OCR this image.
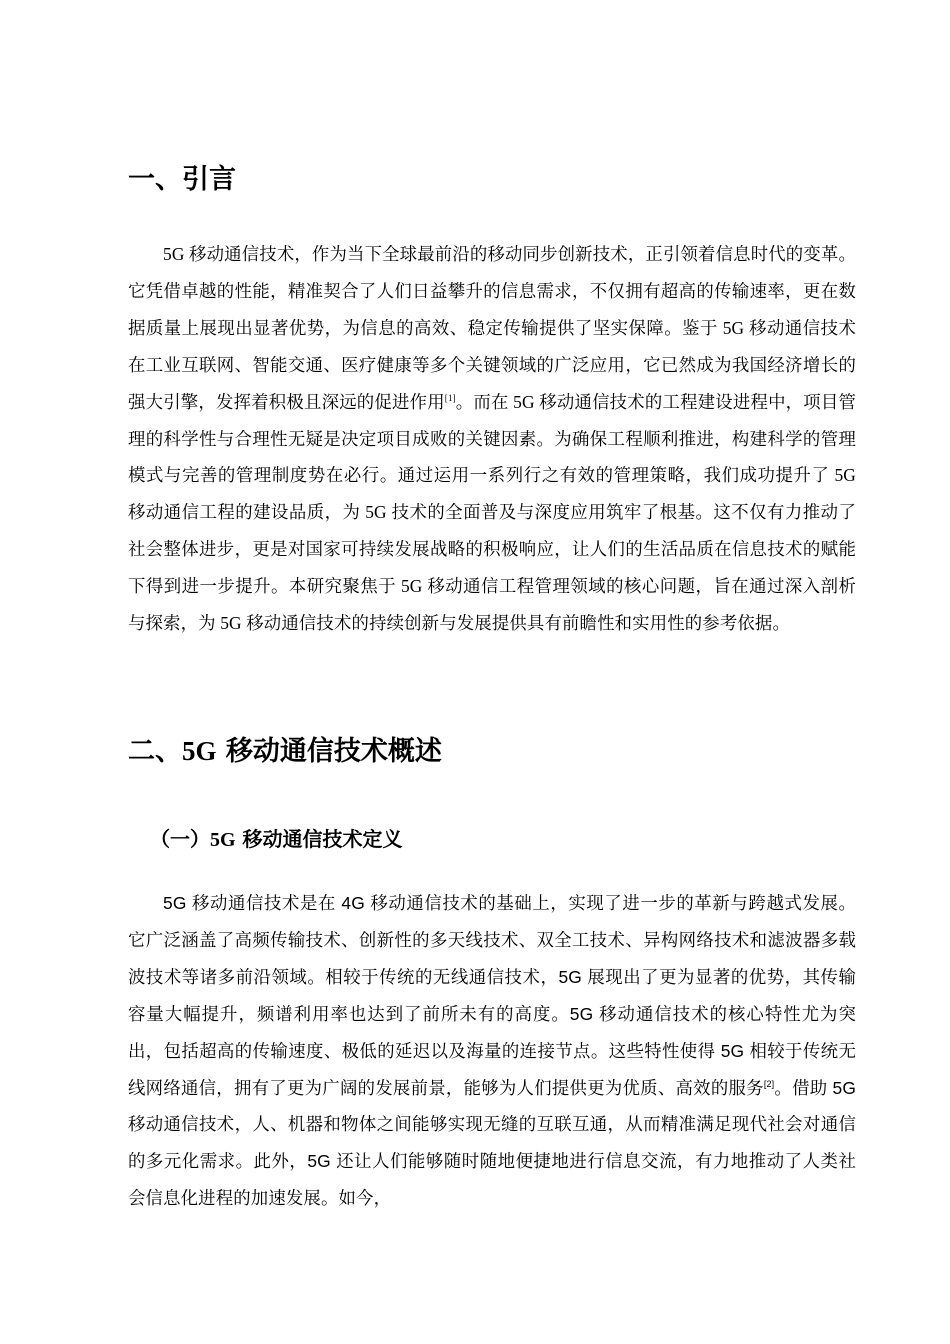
一、引言

5G 移动通信技术，作为当下全球最前沿的移动同步创新技术，正引领着信息时代的变革。它凭借卓越的性能，精准契合了人们日益攀升的信息需求，不仅拥有超高的传输速率，更在数据质量上展现出显著优势，为信息的高效、稳定传输提供了坚实保障。鉴于 5G 移动通信技术在工业互联网、智能交通、医疗健康等多个关键领域的广泛应用，它已然成为我国经济增长的强大引擎，发挥着积极且深远的促进作用[1]。而在 5G 移动通信技术的工程建设进程中，项目管理的科学性与合理性无疑是决定项目成败的关键因素。为确保工程顺利推进，构建科学的管理模式与完善的管理制度势在必行。通过运用一系列行之有效的管理策略，我们成功提升了 5G 移动通信工程的建设品质，为 5G 技术的全面普及与深度应用筑牢了根基。这不仅有力推动了社会整体进步，更是对国家可持续发展战略的积极响应，让人们的生活品质在信息技术的赋能下得到进一步提升。本研究聚焦于 5G 移动通信工程管理领域的核心问题，旨在通过深入剖析与探索，为 5G 移动通信技术的持续创新与发展提供具有前瞻性和实用性的参考依据。

二、5G 移动通信技术概述
（一）5G 移动通信技术定义

5G 移动通信技术是在 4G 移动通信技术的基础上，实现了进一步的革新与跨越式发展。它广泛涵盖了高频传输技术、创新性的多天线技术、双全工技术、异构网络技术和滤波器多载波技术等诸多前沿领域。相较于传统的无线通信技术，5G 展现出了更为显著的优势，其传输容量大幅提升，频谱利用率也达到了前所未有的高度。5G 移动通信技术的核心特性尤为突出，包括超高的传输速度、极低的延迟以及海量的连接节点。这些特性使得 5G 相较于传统无线网络通信，拥有了更为广阔的发展前景，能够为人们提供更为优质、高效的服务[2]。借助 5G 移动通信技术，人、机器和物体之间能够实现无缝的互联互通，从而精准满足现代社会对通信的多元化需求。此外，5G 还让人们能够随时随地便捷地进行信息交流，有力地推动了人类社会信息化进程的加速发展。如今，
